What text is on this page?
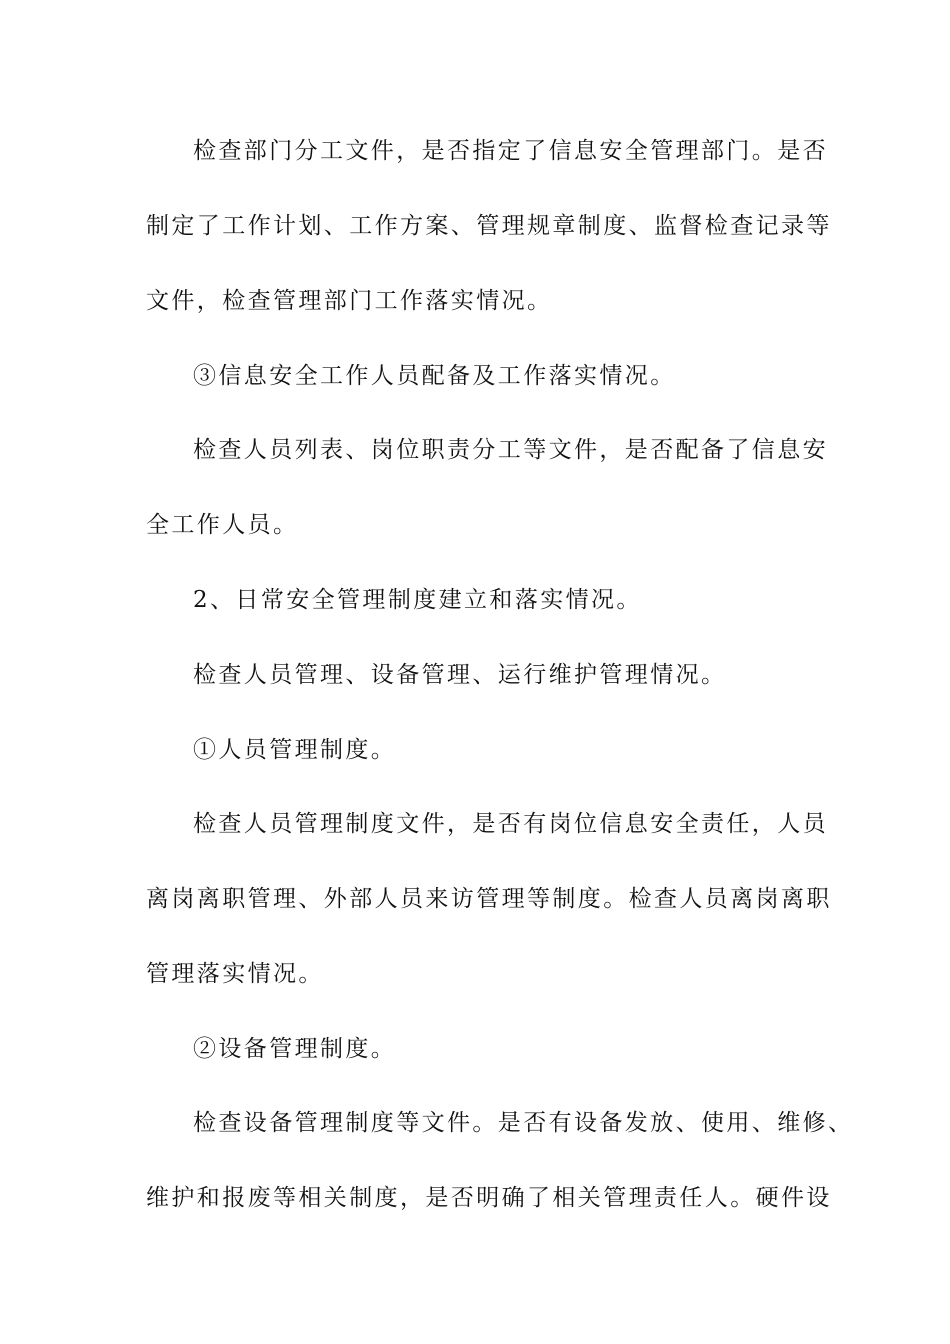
检查部门分工文件，是否指定了信息安全管理部门。是否
制定了工作计划、工作方案、管理规章制度、监督检查记录等
文件，检查管理部门工作落实情况。
③信息安全工作人员配备及工作落实情况。
检查人员列表、岗位职责分工等文件，是否配备了信息安
全工作人员。
2、日常安全管理制度建立和落实情况。
检查人员管理、设备管理、运行维护管理情况。
①人员管理制度。
检查人员管理制度文件，是否有岗位信息安全责任，人员
离岗离职管理、外部人员来访管理等制度。检查人员离岗离职
管理落实情况。
②设备管理制度。
检查设备管理制度等文件。是否有设备发放、使用、维修、
维护和报废等相关制度，是否明确了相关管理责任人。硬件设
